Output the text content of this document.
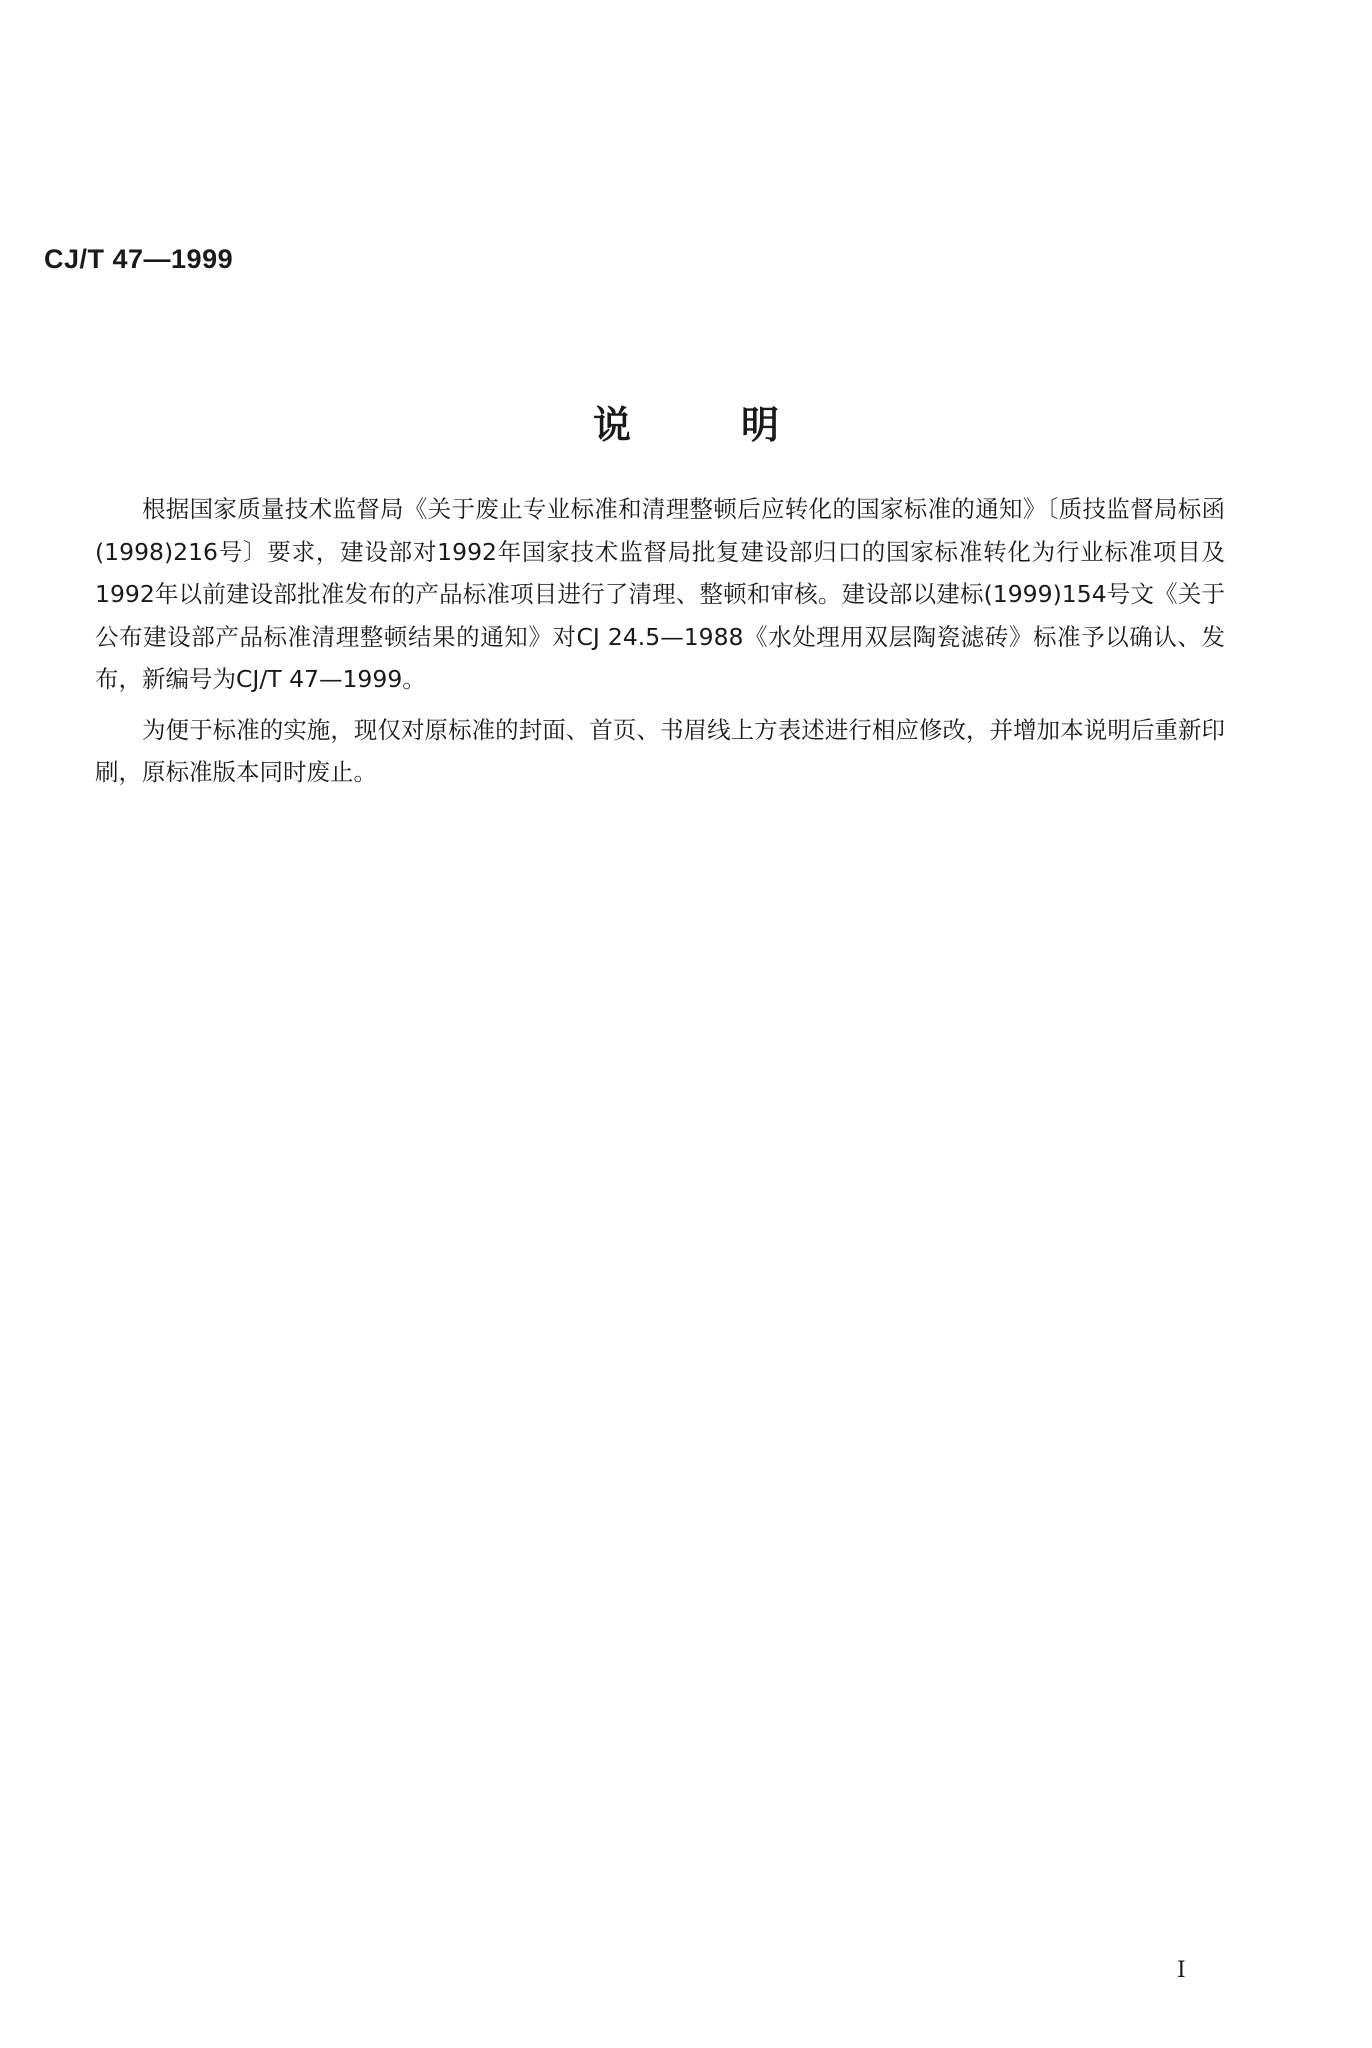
CJ/T 47—1999
说明

根据国家质量技术监督局《关于废止专业标准和清理整顿后应转化的国家标准的通知》〔质技监督局标函(1998)216号〕要求，建设部对1992年国家技术监督局批复建设部归口的国家标准转化为行业标准项目及1992年以前建设部批准发布的产品标准项目进行了清理、整顿和审核。建设部以建标(1999)154号文《关于公布建设部产品标准清理整顿结果的通知》对CJ 24.5—1988《水处理用双层陶瓷滤砖》标准予以确认、发布，新编号为CJ/T 47—1999。

为便于标准的实施，现仅对原标准的封面、首页、书眉线上方表述进行相应修改，并增加本说明后重新印刷，原标准版本同时废止。

I
